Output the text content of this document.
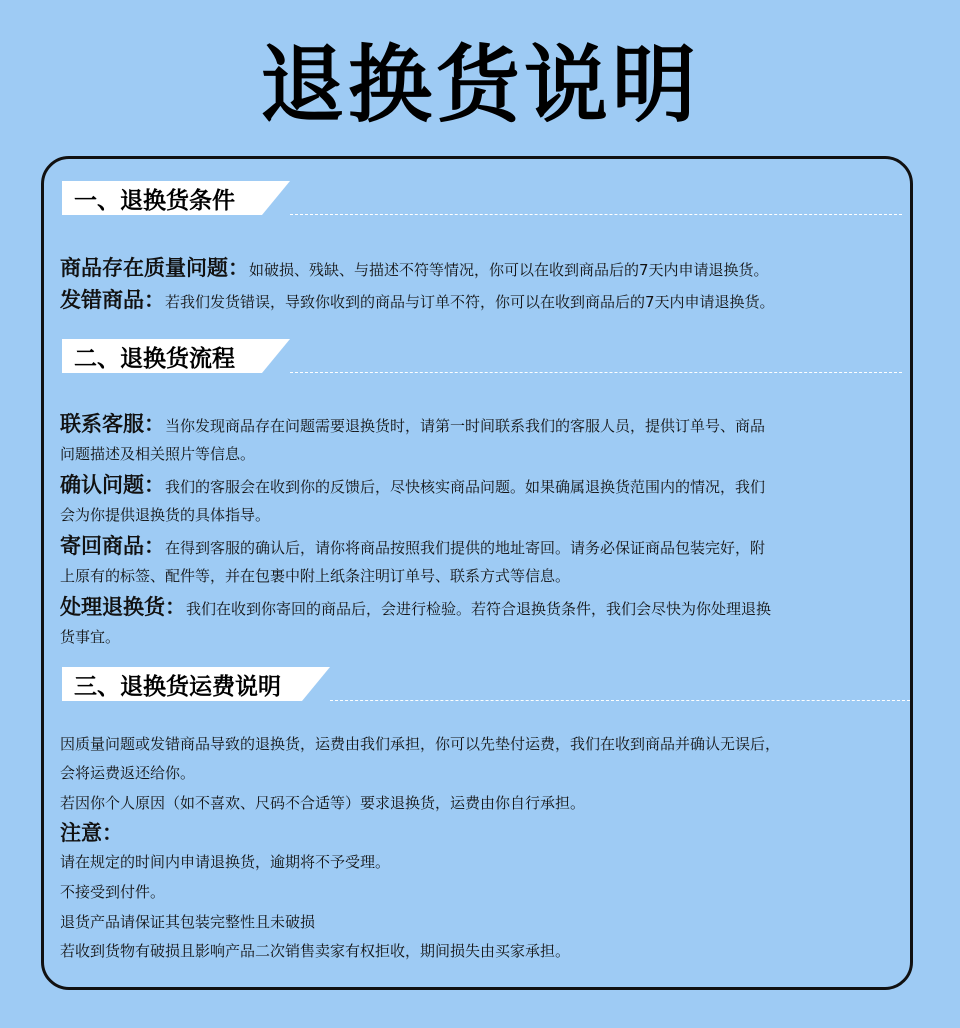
退换货说明
一、退换货条件
商品存在质量问题：如破损、残缺、与描述不符等情况，你可以在收到商品后的7天内申请退换货。
发错商品：若我们发货错误，导致你收到的商品与订单不符，你可以在收到商品后的7天内申请退换货。
二、退换货流程
联系客服：当你发现商品存在问题需要退换货时，请第一时间联系我们的客服人员，提供订单号、商品
问题描述及相关照片等信息。
确认问题：我们的客服会在收到你的反馈后，尽快核实商品问题。如果确属退换货范围内的情况，我们
会为你提供退换货的具体指导。
寄回商品：在得到客服的确认后，请你将商品按照我们提供的地址寄回。请务必保证商品包装完好，附
上原有的标签、配件等，并在包裹中附上纸条注明订单号、联系方式等信息。
处理退换货：我们在收到你寄回的商品后，会进行检验。若符合退换货条件，我们会尽快为你处理退换
货事宜。
三、退换货运费说明
因质量问题或发错商品导致的退换货，运费由我们承担，你可以先垫付运费，我们在收到商品并确认无误后，
会将运费返还给你。
若因你个人原因（如不喜欢、尺码不合适等）要求退换货，运费由你自行承担。
注意：
请在规定的时间内申请退换货，逾期将不予受理。
不接受到付件。
退货产品请保证其包装完整性且未破损
若收到货物有破损且影响产品二次销售卖家有权拒收，期间损失由买家承担。
